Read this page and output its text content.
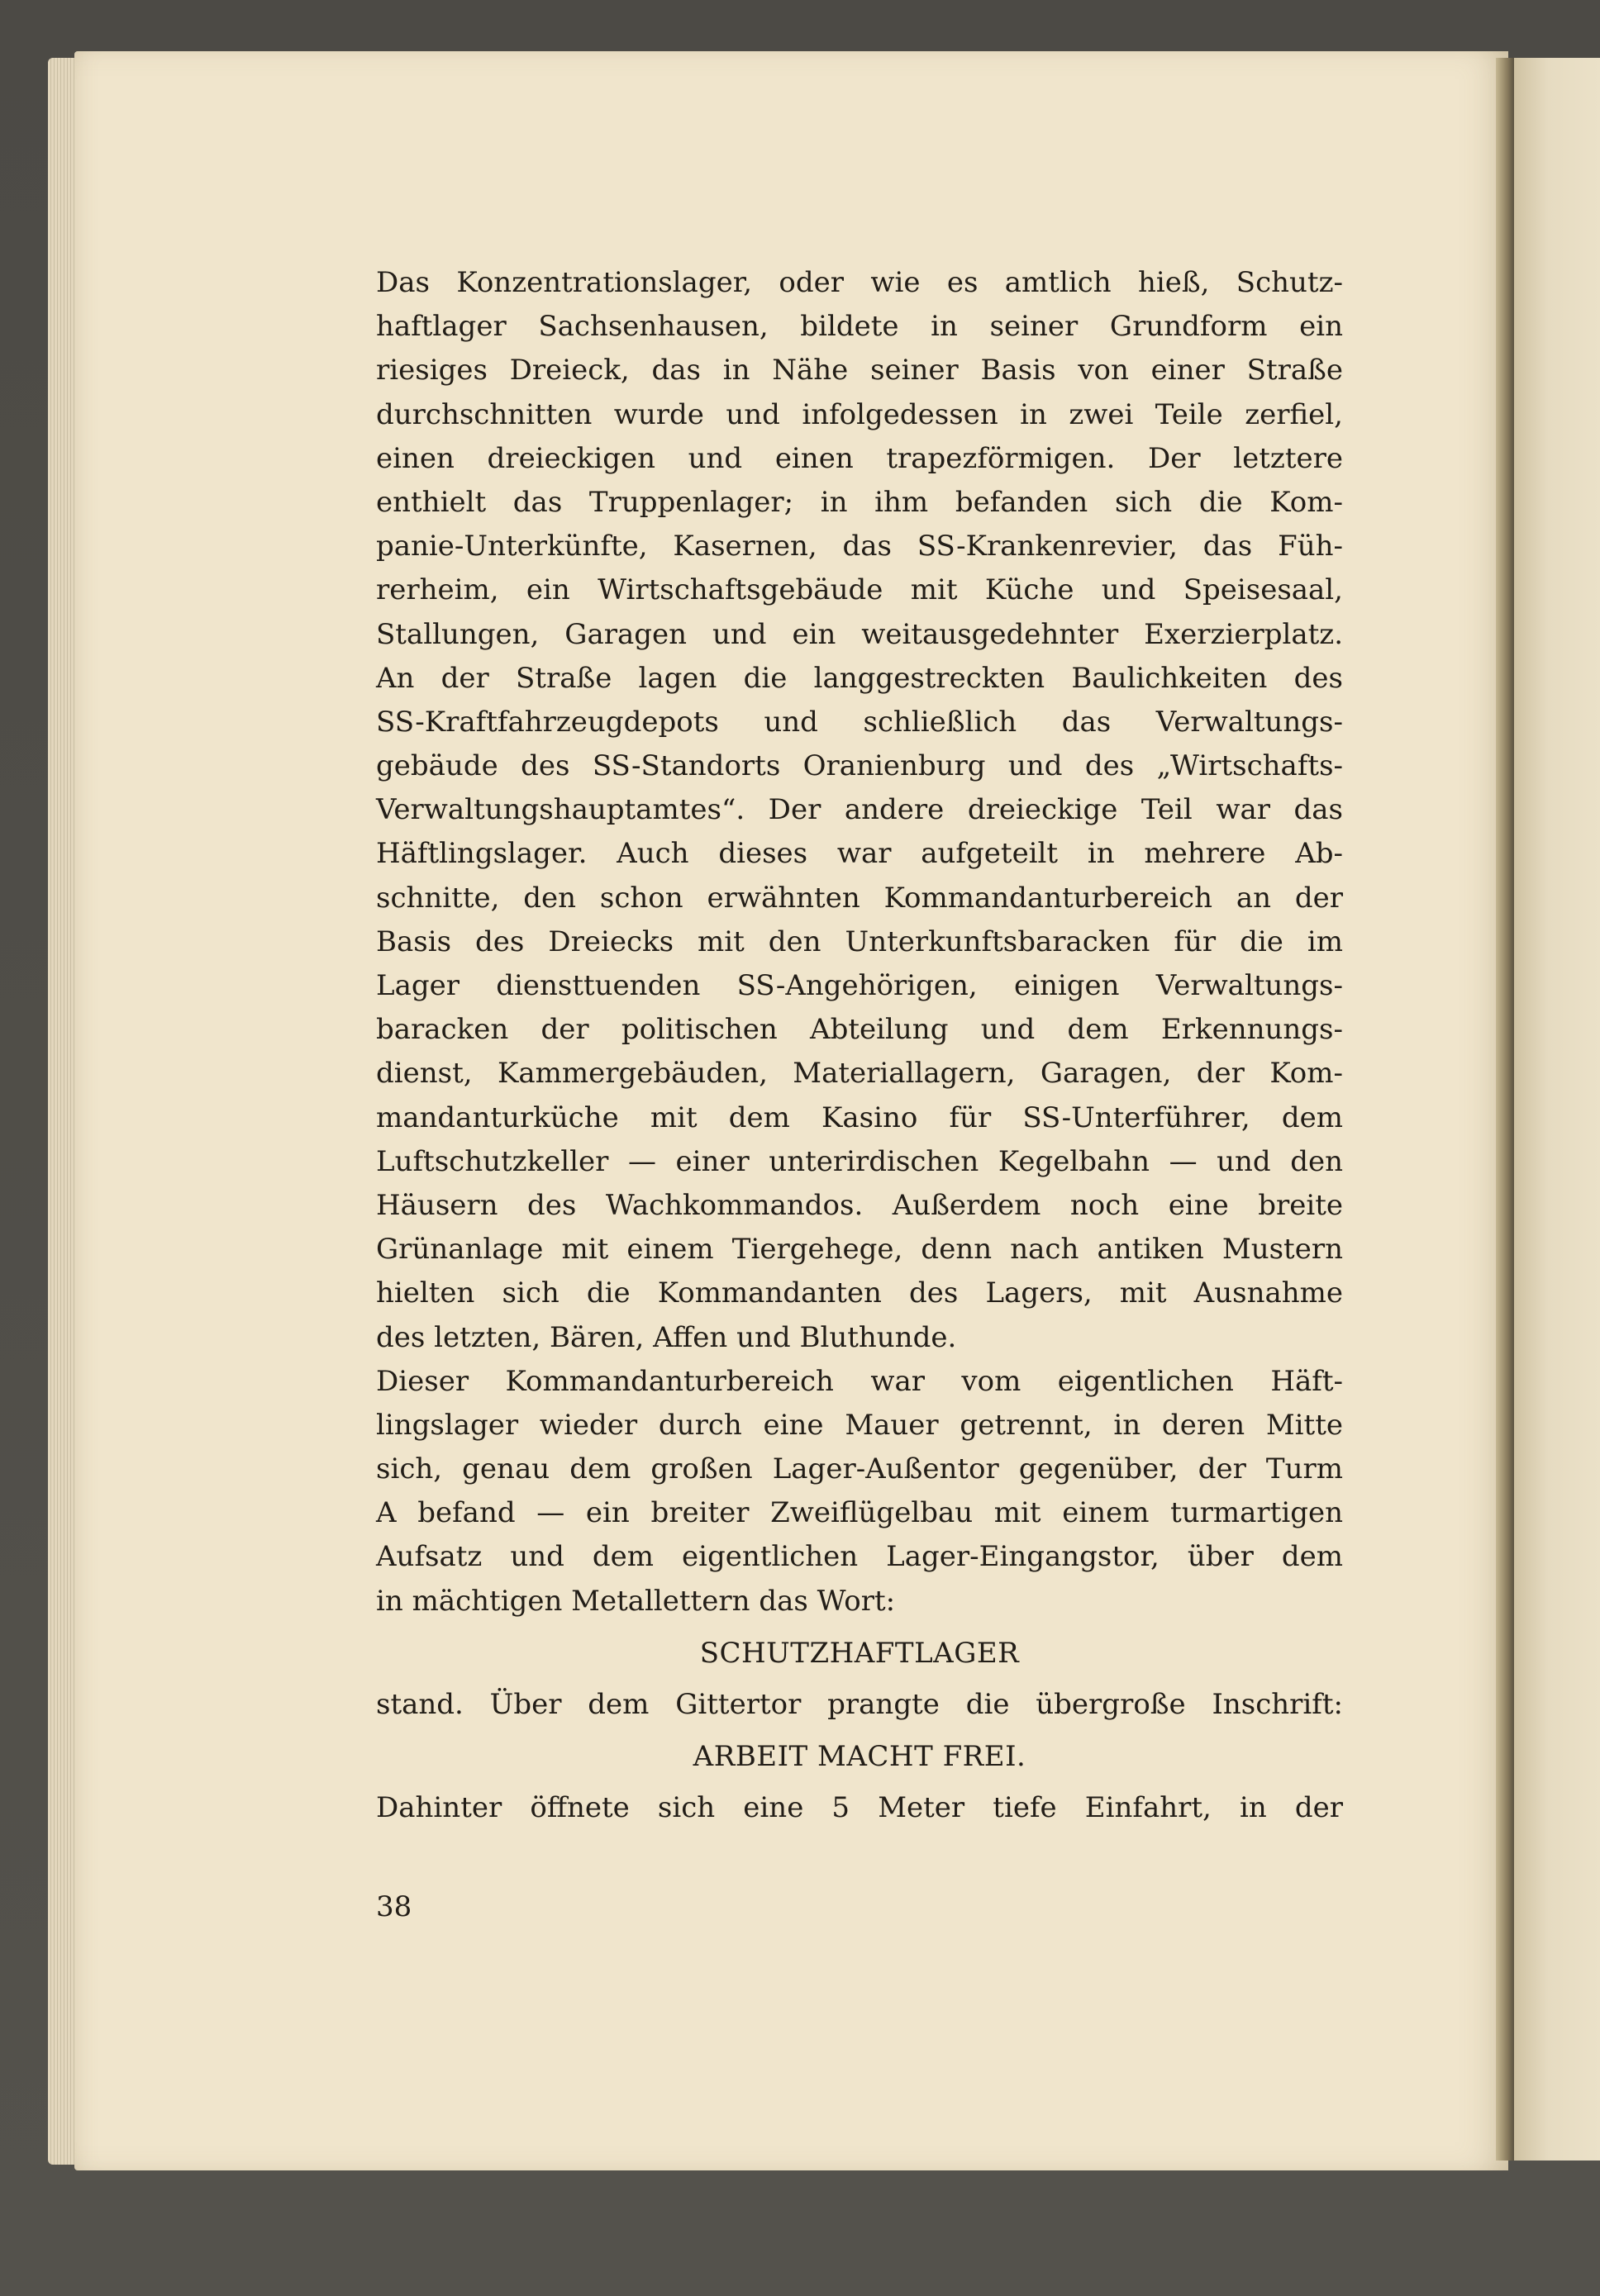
Das Konzentrationslager, oder wie es amtlich hieß, Schutz-
haftlager Sachsenhausen, bildete in seiner Grundform ein
riesiges Dreieck, das in Nähe seiner Basis von einer Straße
durchschnitten wurde und infolgedessen in zwei Teile zerfiel,
einen dreieckigen und einen trapezförmigen. Der letztere
enthielt das Truppenlager; in ihm befanden sich die Kom-
panie-Unterkünfte, Kasernen, das SS-Krankenrevier, das Füh-
rerheim, ein Wirtschaftsgebäude mit Küche und Speisesaal,
Stallungen, Garagen und ein weitausgedehnter Exerzierplatz.
An der Straße lagen die langgestreckten Baulichkeiten des
SS-Kraftfahrzeugdepots und schließlich das Verwaltungs-
gebäude des SS-Standorts Oranienburg und des „Wirtschafts-
Verwaltungshauptamtes“. Der andere dreieckige Teil war das
Häftlingslager. Auch dieses war aufgeteilt in mehrere Ab-
schnitte, den schon erwähnten Kommandanturbereich an der
Basis des Dreiecks mit den Unterkunftsbaracken für die im
Lager diensttuenden SS-Angehörigen, einigen Verwaltungs-
baracken der politischen Abteilung und dem Erkennungs-
dienst, Kammergebäuden, Materiallagern, Garagen, der Kom-
mandanturküche mit dem Kasino für SS-Unterführer, dem
Luftschutzkeller — einer unterirdischen Kegelbahn — und den
Häusern des Wachkommandos. Außerdem noch eine breite
Grünanlage mit einem Tiergehege, denn nach antiken Mustern
hielten sich die Kommandanten des Lagers, mit Ausnahme
des letzten, Bären, Affen und Bluthunde.
Dieser Kommandanturbereich war vom eigentlichen Häft-
lingslager wieder durch eine Mauer getrennt, in deren Mitte
sich, genau dem großen Lager-Außentor gegenüber, der Turm
A befand — ein breiter Zweiflügelbau mit einem turmartigen
Aufsatz und dem eigentlichen Lager-Eingangstor, über dem
in mächtigen Metallettern das Wort:
SCHUTZHAFTLAGER
stand. Über dem Gittertor prangte die übergroße Inschrift:
ARBEIT MACHT FREI.
Dahinter öffnete sich eine 5 Meter tiefe Einfahrt, in der
38
